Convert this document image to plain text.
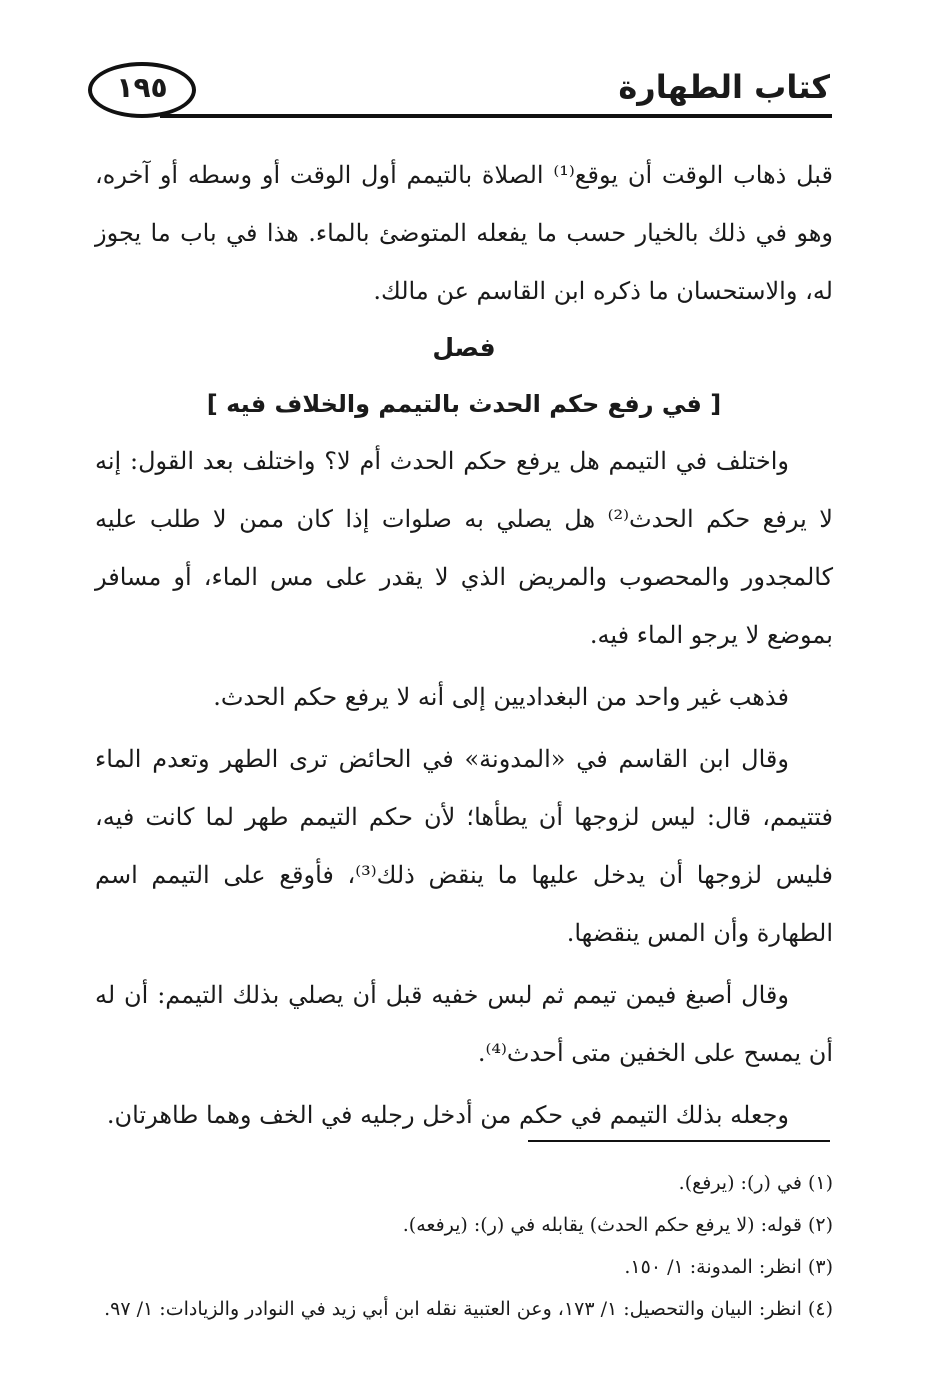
١٩٥	كتاب الطهارة

قبل ذهاب الوقت أن يوقع⁽¹⁾ الصلاة بالتيمم أول الوقت أو وسطه أو آخره، وهو في ذلك بالخيار حسب ما يفعله المتوضئ بالماء. هذا في باب ما يجوز له، والاستحسان ما ذكره ابن القاسم عن مالك.

فصل
[ في رفع حكم الحدث بالتيمم والخلاف فيه ]

واختلف في التيمم هل يرفع حكم الحدث أم لا؟ واختلف بعد القول: إنه لا يرفع حكم الحدث⁽²⁾ هل يصلي به صلوات إذا كان ممن لا طلب عليه كالمجدور والمحصوب والمريض الذي لا يقدر على مس الماء، أو مسافر بموضع لا يرجو الماء فيه.

فذهب غير واحد من البغداديين إلى أنه لا يرفع حكم الحدث.

وقال ابن القاسم في «المدونة» في الحائض ترى الطهر وتعدم الماء فتتيمم، قال: ليس لزوجها أن يطأها؛ لأن حكم التيمم طهر لما كانت فيه، فليس لزوجها أن يدخل عليها ما ينقض ذلك⁽³⁾، فأوقع على التيمم اسم الطهارة وأن المس ينقضها.

وقال أصبغ فيمن تيمم ثم لبس خفيه قبل أن يصلي بذلك التيمم: أن له أن يمسح على الخفين متى أحدث⁽⁴⁾.

وجعله بذلك التيمم في حكم من أدخل رجليه في الخف وهما طاهرتان.

(١) في (ر): (يرفع).
(٢) قوله: (لا يرفع حكم الحدث) يقابله في (ر): (يرفعه).
(٣) انظر: المدونة: ١/ ١٥٠.
(٤) انظر: البيان والتحصيل: ١/ ١٧٣، وعن العتبية نقله ابن أبي زيد في النوادر والزيادات: ١/ ٩٧.
